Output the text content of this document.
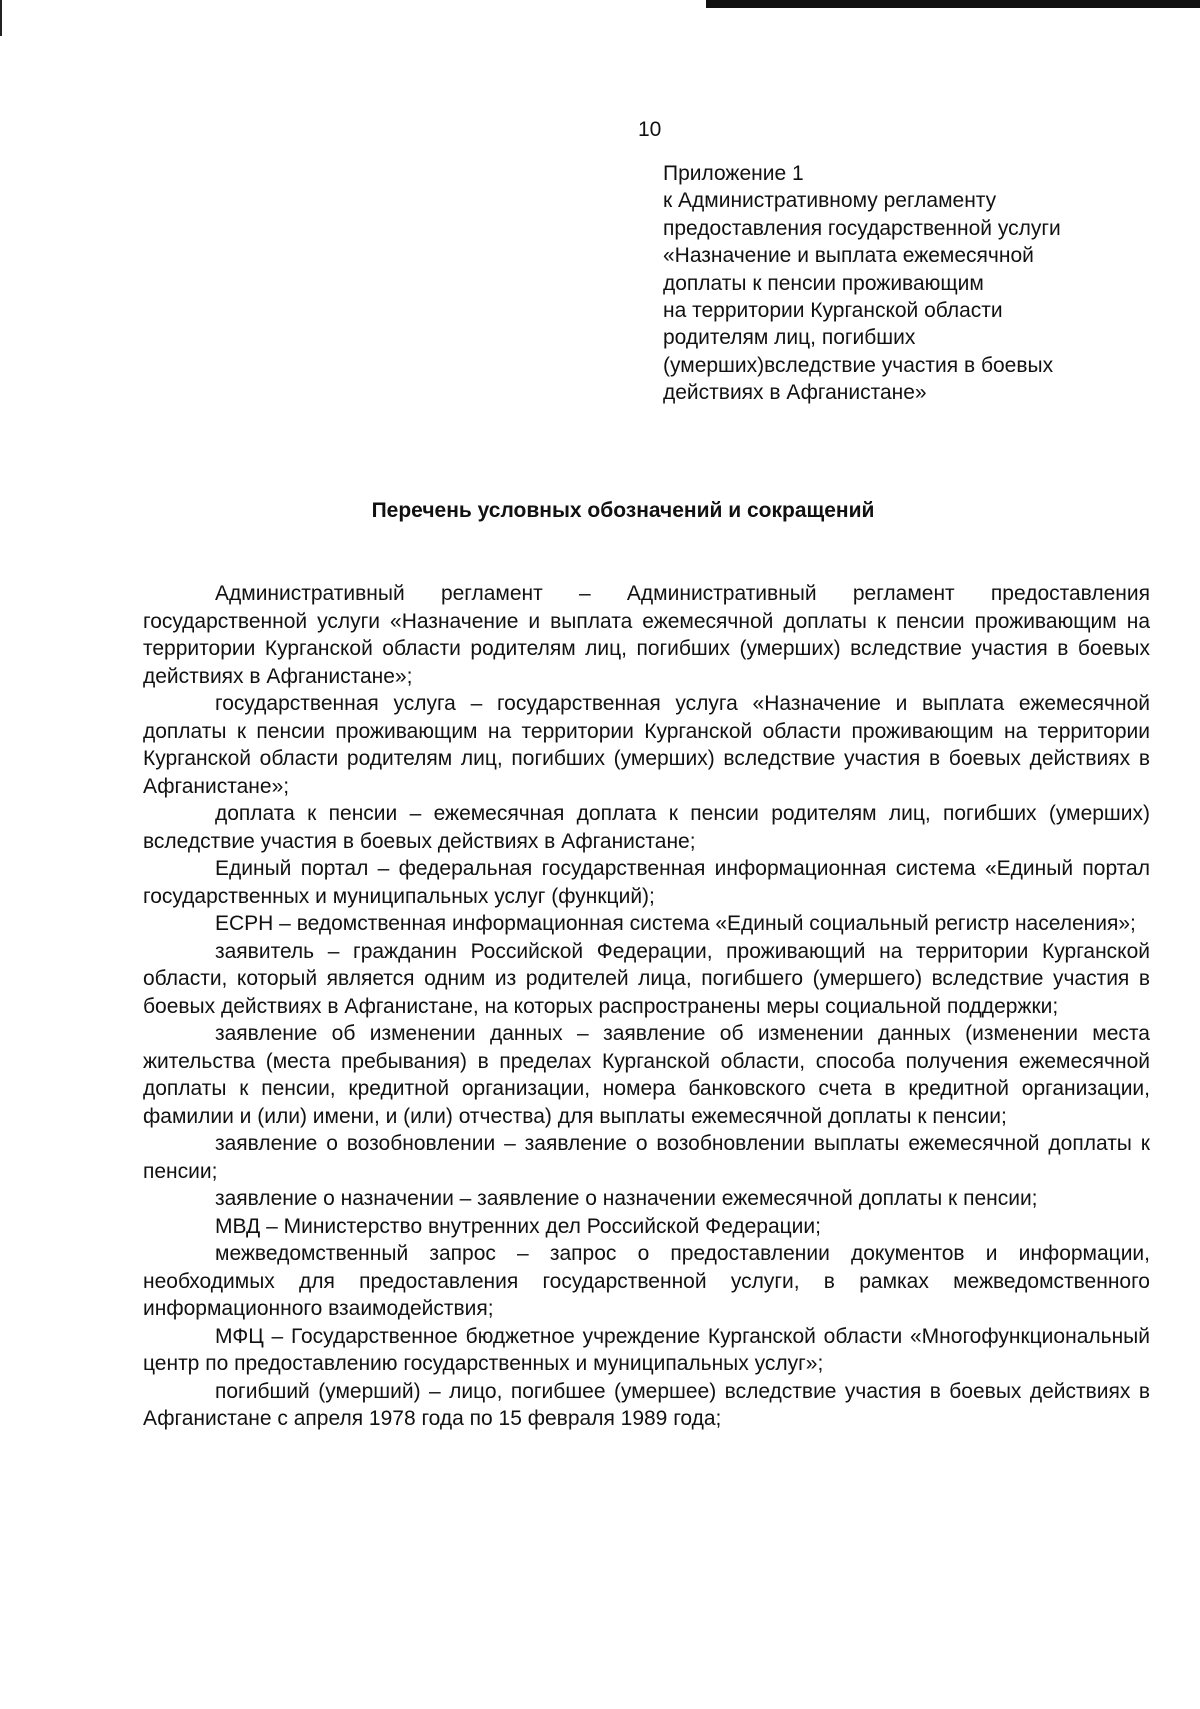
10
Приложение 1
к Административному регламенту
предоставления государственной услуги
«Назначение и выплата ежемесячной
доплаты к пенсии проживающим
на территории Курганской области
родителям лиц, погибших
(умерших)вследствие участия в боевых
действиях в Афганистане»
Перечень условных обозначений и сокращений

Административный регламент – Административный регламент предоставления государственной услуги «Назначение и выплата ежемесячной доплаты к пенсии проживающим на территории Курганской области родителям лиц, погибших (умерших) вследствие участия в боевых действиях в Афганистане»;

государственная услуга – государственная услуга «Назначение и выплата ежемесячной доплаты к пенсии проживающим на территории Курганской области проживающим на территории Курганской области родителям лиц, погибших (умерших) вследствие участия в боевых действиях в Афганистане»;

доплата к пенсии – ежемесячная доплата к пенсии родителям лиц, погибших (умерших) вследствие участия в боевых действиях в Афганистане;

Единый портал – федеральная государственная информационная система «Единый портал государственных и муниципальных услуг (функций);

ЕСРН – ведомственная информационная система «Единый социальный регистр населения»;

заявитель – гражданин Российской Федерации, проживающий на территории Курганской области, который является одним из родителей лица, погибшего (умершего) вследствие участия в боевых действиях в Афганистане, на которых распространены меры социальной поддержки;

заявление об изменении данных – заявление об изменении данных (изменении места жительства (места пребывания) в пределах Курганской области, способа получения ежемесячной доплаты к пенсии, кредитной организации, номера банковского счета в кредитной организации, фамилии и (или) имени, и (или) отчества) для выплаты ежемесячной доплаты к пенсии;

заявление о возобновлении – заявление о возобновлении выплаты ежемесячной доплаты к пенсии;

заявление о назначении – заявление о назначении ежемесячной доплаты к пенсии;

МВД – Министерство внутренних дел Российской Федерации;

межведомственный запрос – запрос о предоставлении документов и информации, необходимых для предоставления государственной услуги, в рамках межведомственного информационного взаимодействия;

МФЦ – Государственное бюджетное учреждение Курганской области «Многофункциональный центр по предоставлению государственных и муниципальных услуг»;

погибший (умерший) – лицо, погибшее (умершее) вследствие участия в боевых действиях в Афганистане с апреля 1978 года по 15 февраля 1989 года;
